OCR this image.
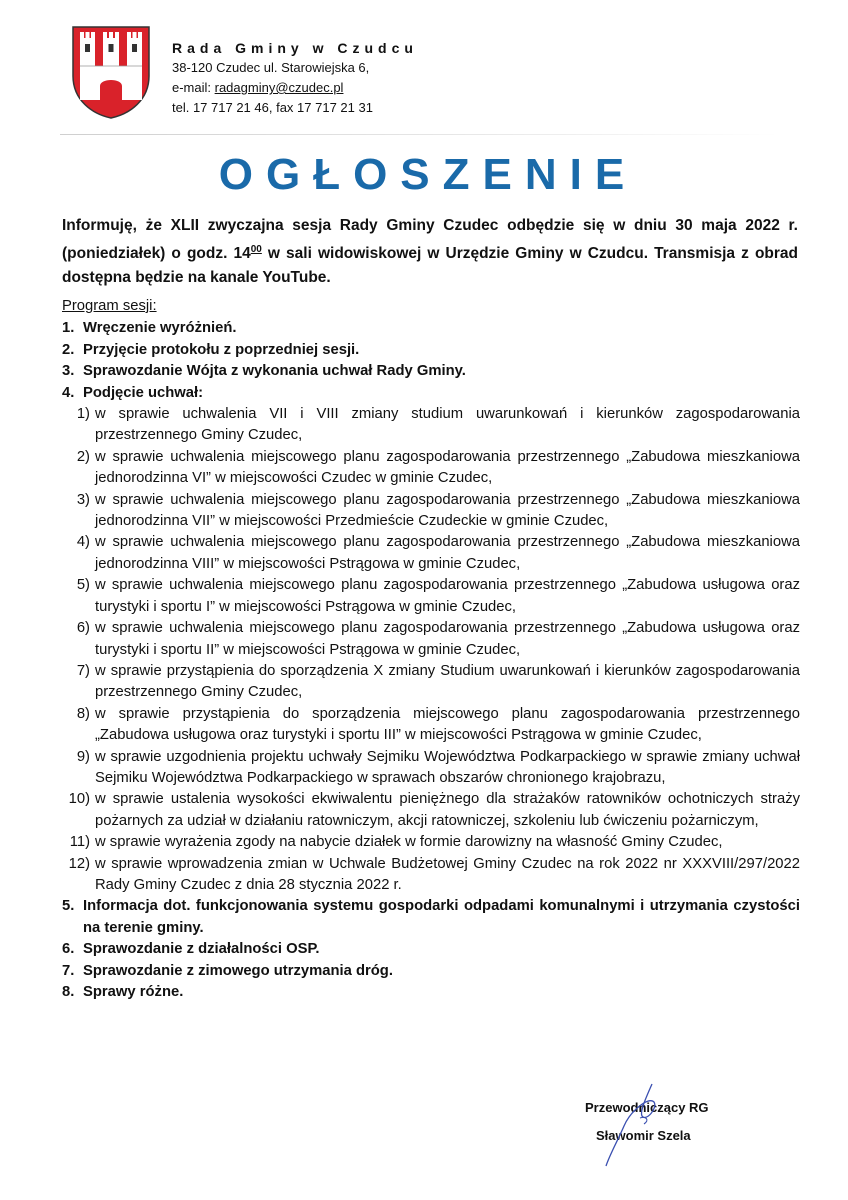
Rada Gminy w Czudcu
38-120 Czudec ul. Starowiejska 6,
e-mail: radagminy@czudec.pl
tel. 17 717 21 46, fax 17 717 21 31
OGŁOSZENIE
Informuję, że XLII zwyczajna sesja Rady Gminy Czudec odbędzie się w dniu 30 maja 2022 r. (poniedziałek) o godz. $14^{00}$ w sali widowiskowej w Urzędzie Gminy w Czudcu. Transmisja z obrad dostępna będzie na kanale YouTube.
Program sesji:
1. Wręczenie wyróżnień.
2. Przyjęcie protokołu z poprzedniej sesji.
3. Sprawozdanie Wójta z wykonania uchwał Rady Gminy.
4. Podjęcie uchwał:
1) w sprawie uchwalenia VII i VIII zmiany studium uwarunkowań i kierunków zagospodarowania przestrzennego Gminy Czudec,
2) w sprawie uchwalenia miejscowego planu zagospodarowania przestrzennego „Zabudowa mieszkaniowa jednorodzinna VI” w miejscowości Czudec w gminie Czudec,
3) w sprawie uchwalenia miejscowego planu zagospodarowania przestrzennego „Zabudowa mieszkaniowa jednorodzinna VII” w miejscowości Przedmieście Czudeckie w gminie Czudec,
4) w sprawie uchwalenia miejscowego planu zagospodarowania przestrzennego „Zabudowa mieszkaniowa jednorodzinna VIII” w miejscowości Pstrągowa w gminie Czudec,
5) w sprawie uchwalenia miejscowego planu zagospodarowania przestrzennego „Zabudowa usługowa oraz turystyki i sportu I” w miejscowości Pstrągowa w gminie Czudec,
6) w sprawie uchwalenia miejscowego planu zagospodarowania przestrzennego „Zabudowa usługowa oraz turystyki i sportu II” w miejscowości Pstrągowa w gminie Czudec,
7) w sprawie przystąpienia do sporządzenia X zmiany Studium uwarunkowań i kierunków zagospodarowania przestrzennego Gminy Czudec,
8) w sprawie przystąpienia do sporządzenia miejscowego planu zagospodarowania przestrzennego „Zabudowa usługowa oraz turystyki i sportu III” w miejscowości Pstrągowa w gminie Czudec,
9) w sprawie uzgodnienia projektu uchwały Sejmiku Województwa Podkarpackiego w sprawie zmiany uchwał Sejmiku Województwa Podkarpackiego w sprawach obszarów chronionego krajobrazu,
10) w sprawie ustalenia wysokości ekwiwalentu pieniężnego dla strażaków ratowników ochotniczych straży pożarnych za udział w działaniu ratowniczym, akcji ratowniczej, szkoleniu lub ćwiczeniu pożarniczym,
11) w sprawie wyrażenia zgody na nabycie działek w formie darowizny na własność Gminy Czudec,
12) w sprawie wprowadzenia zmian w Uchwale Budżetowej Gminy Czudec na rok 2022 nr XXXVIII/297/2022 Rady Gminy Czudec z dnia 28 stycznia 2022 r.
5. Informacja dot. funkcjonowania systemu gospodarki odpadami komunalnymi i utrzymania czystości na terenie gminy.
6. Sprawozdanie z działalności OSP.
7. Sprawozdanie z zimowego utrzymania dróg.
8. Sprawy różne.
Przewodniczący RG
Sławomir Szela
